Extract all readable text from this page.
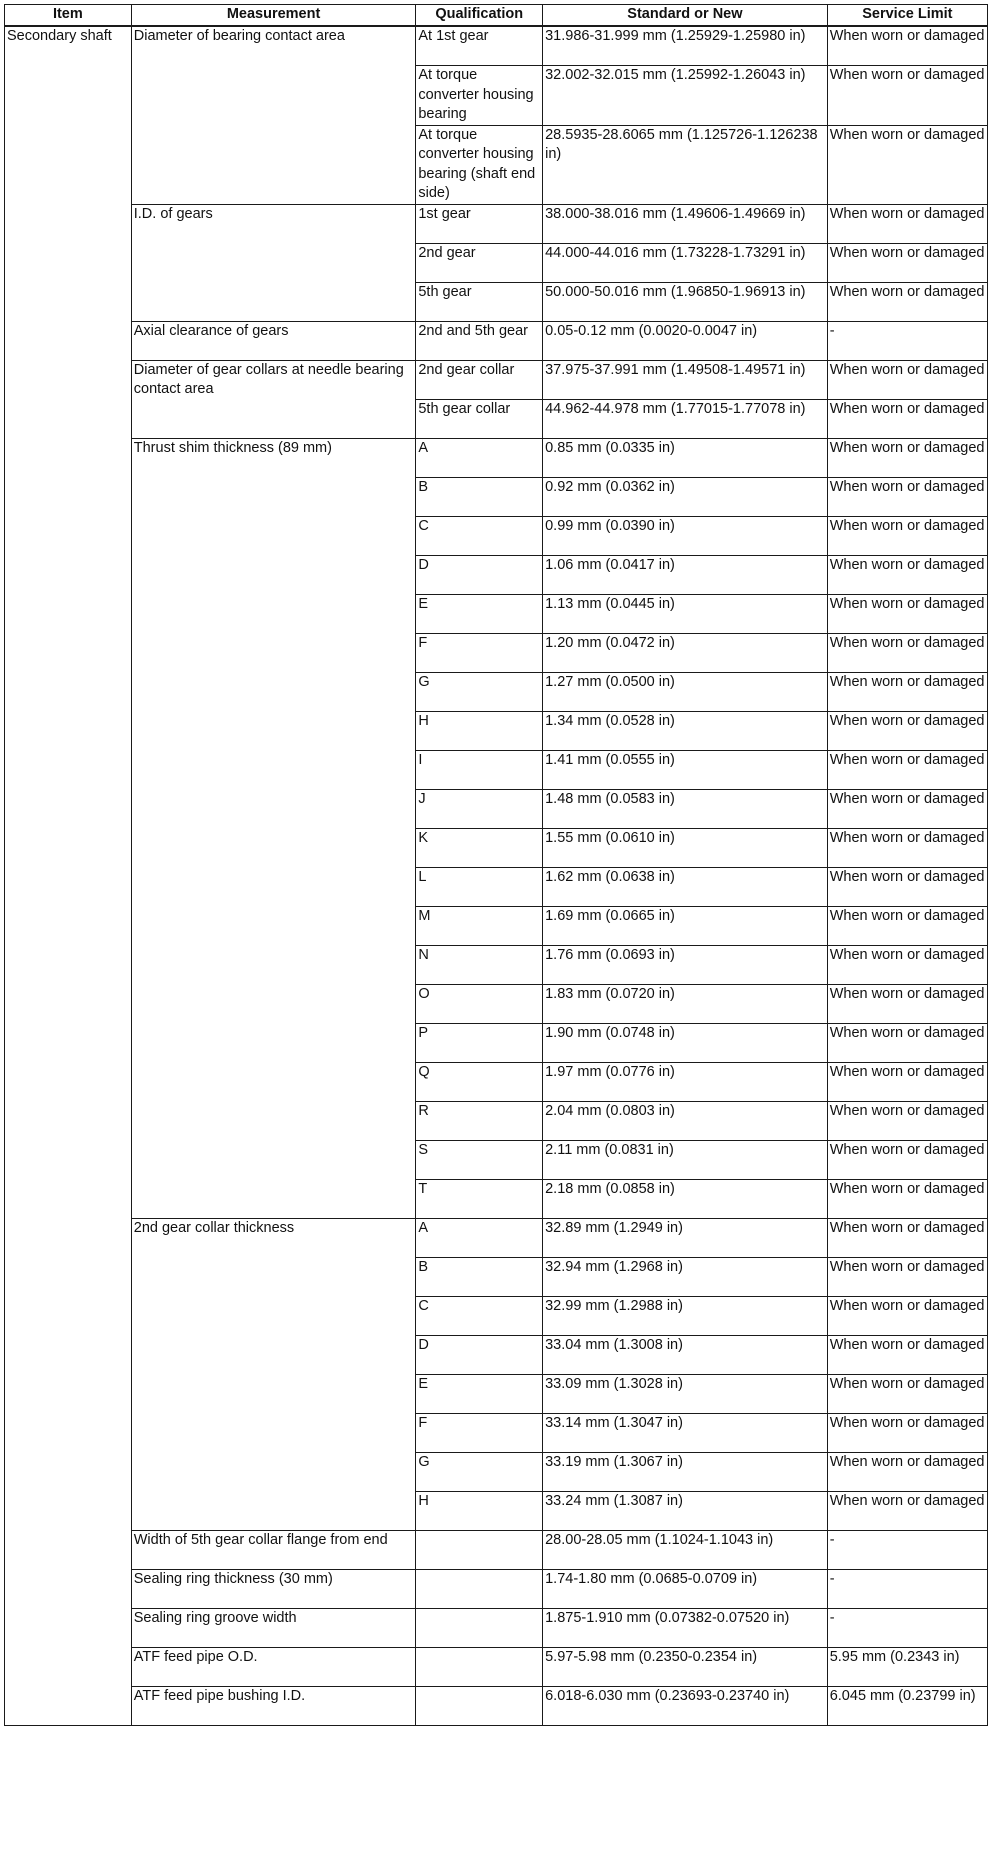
Item	Measurement	Qualification	Standard or New	Service Limit
Secondary shaft	Diameter of bearing contact area	At 1st gear	31.986-31.999 mm (1.25929-1.25980 in)	When worn or damaged
		At torque converter housing bearing	32.002-32.015 mm (1.25992-1.26043 in)	When worn or damaged
		At torque converter housing bearing (shaft end side)	28.5935-28.6065 mm (1.125726-1.126238 in)	When worn or damaged
	I.D. of gears	1st gear	38.000-38.016 mm (1.49606-1.49669 in)	When worn or damaged
		2nd gear	44.000-44.016 mm (1.73228-1.73291 in)	When worn or damaged
		5th gear	50.000-50.016 mm (1.96850-1.96913 in)	When worn or damaged
	Axial clearance of gears	2nd and 5th gear	0.05-0.12 mm (0.0020-0.0047 in)	-
	Diameter of gear collars at needle bearing contact area	2nd gear collar	37.975-37.991 mm (1.49508-1.49571 in)	When worn or damaged
		5th gear collar	44.962-44.978 mm (1.77015-1.77078 in)	When worn or damaged
	Thrust shim thickness (89 mm)	A	0.85 mm (0.0335 in)	When worn or damaged
		B	0.92 mm (0.0362 in)	When worn or damaged
		C	0.99 mm (0.0390 in)	When worn or damaged
		D	1.06 mm (0.0417 in)	When worn or damaged
		E	1.13 mm (0.0445 in)	When worn or damaged
		F	1.20 mm (0.0472 in)	When worn or damaged
		G	1.27 mm (0.0500 in)	When worn or damaged
		H	1.34 mm (0.0528 in)	When worn or damaged
		I	1.41 mm (0.0555 in)	When worn or damaged
		J	1.48 mm (0.0583 in)	When worn or damaged
		K	1.55 mm (0.0610 in)	When worn or damaged
		L	1.62 mm (0.0638 in)	When worn or damaged
		M	1.69 mm (0.0665 in)	When worn or damaged
		N	1.76 mm (0.0693 in)	When worn or damaged
		O	1.83 mm (0.0720 in)	When worn or damaged
		P	1.90 mm (0.0748 in)	When worn or damaged
		Q	1.97 mm (0.0776 in)	When worn or damaged
		R	2.04 mm (0.0803 in)	When worn or damaged
		S	2.11 mm (0.0831 in)	When worn or damaged
		T	2.18 mm (0.0858 in)	When worn or damaged
	2nd gear collar thickness	A	32.89 mm (1.2949 in)	When worn or damaged
		B	32.94 mm (1.2968 in)	When worn or damaged
		C	32.99 mm (1.2988 in)	When worn or damaged
		D	33.04 mm (1.3008 in)	When worn or damaged
		E	33.09 mm (1.3028 in)	When worn or damaged
		F	33.14 mm (1.3047 in)	When worn or damaged
		G	33.19 mm (1.3067 in)	When worn or damaged
		H	33.24 mm (1.3087 in)	When worn or damaged
	Width of 5th gear collar flange from end		28.00-28.05 mm (1.1024-1.1043 in)	-
	Sealing ring thickness (30 mm)		1.74-1.80 mm (0.0685-0.0709 in)	-
	Sealing ring groove width		1.875-1.910 mm (0.07382-0.07520 in)	-
	ATF feed pipe O.D.		5.97-5.98 mm (0.2350-0.2354 in)	5.95 mm (0.2343 in)
	ATF feed pipe bushing I.D.		6.018-6.030 mm (0.23693-0.23740 in)	6.045 mm (0.23799 in)
